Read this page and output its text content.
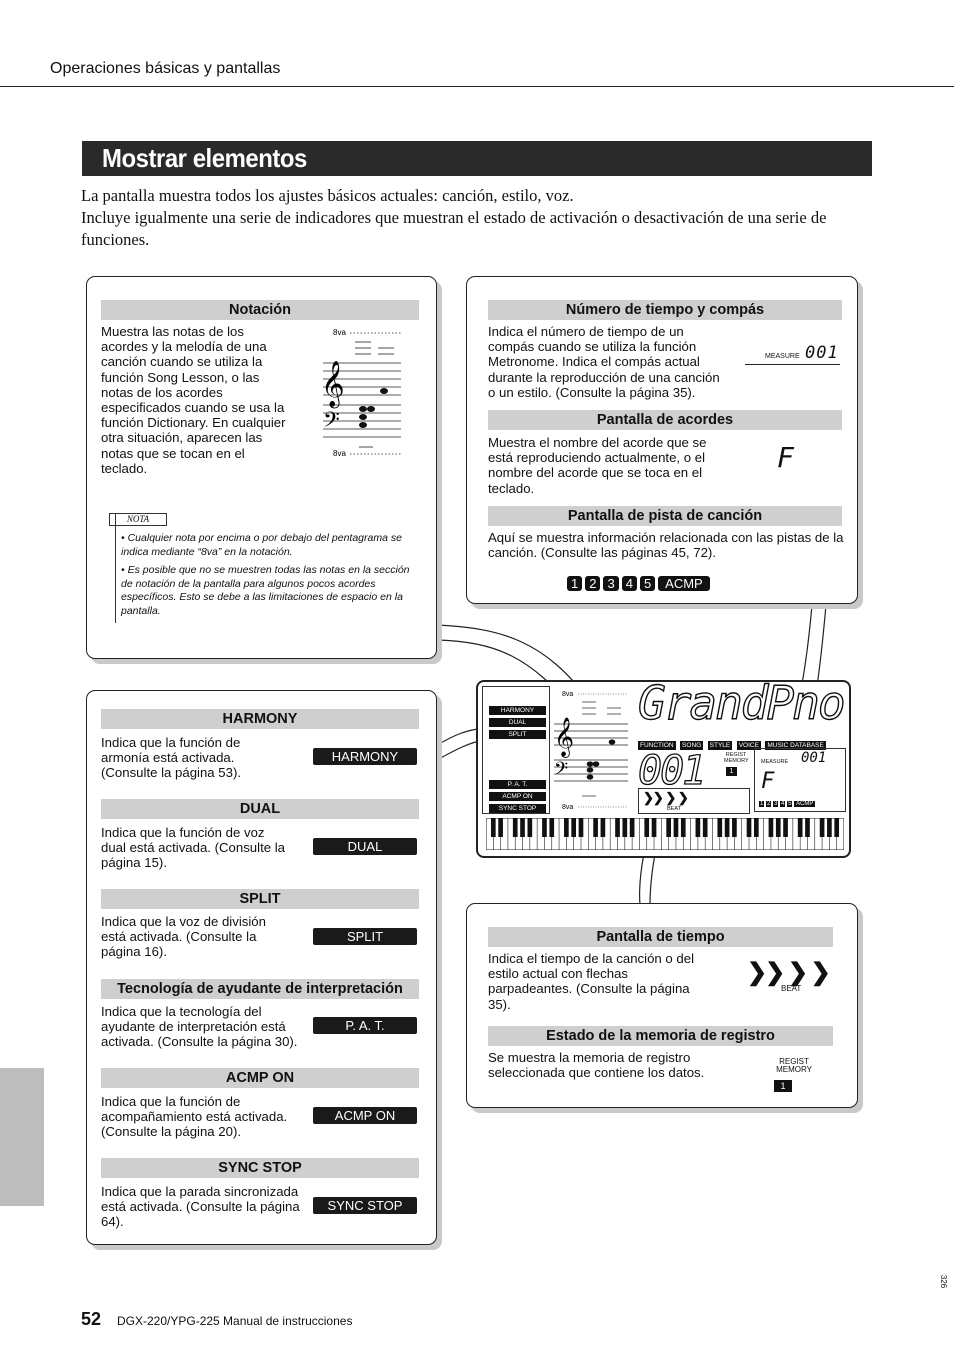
Operaciones básicas y pantallas
Mostrar elementos
La pantalla muestra todos los ajustes básicos actuales: canción, estilo, voz.
Incluye igualmente una serie de indicadores que muestran el estado de activación o desactivación de una serie de funciones.
Notación
Muestra las notas de los acordes y la melodía de una canción cuando se utiliza la función Song Lesson, o las notas de los acordes especificados cuando se usa la función Dictionary. En cualquier otra situación, aparecen las notas que se tocan en el teclado.
8va
𝄞
𝄢
8va
NOTA
• Cualquier nota por encima o por debajo del pentagrama se indica mediante “8va” en la notación.
• Es posible que no se muestren todas las notas en la sección de notación de la pantalla para algunos pocos acordes específicos. Esto se debe a las limitaciones de espacio en la pantalla.
Número de tiempo y compás
Indica el número de tiempo de un compás cuando se utiliza la función Metronome. Indica el compás actual durante la reproducción de una canción o un estilo. (Consulte la página 35).
MEASURE 001
Pantalla de acordes
Muestra el nombre del acorde que se está reproduciendo actualmente, o el nombre del acorde que se toca en el teclado.
F
Pantalla de pista de canción
Aquí se muestra información relacionada con las pistas de la canción. (Consulte las páginas 45, 72).
1 2 3 4 5 ACMP
HARMONY
DUAL
SPLIT
P. A. T.
ACMP ON
SYNC STOP
8va
𝄞
𝄢
8va
GrandPno
FUNCTION SONG STYLE VOICE MUSIC DATABASE
001	REGIST MEMORY
1
MEASURE 001
F
1 2 3 4 5 ACMP
❯❯ ❯ ❯
BEAT
HARMONY
Indica que la función de armonía está activada. (Consulte la página 53).
HARMONY
DUAL
Indica que la función de voz dual está activada. (Consulte la página 15).
DUAL
SPLIT
Indica que la voz de división está activada. (Consulte la página 16).
SPLIT
Tecnología de ayudante de interpretación
Indica que la tecnología del ayudante de interpretación está activada. (Consulte la página 30).
P. A. T.
ACMP ON
Indica que la función de acompañamiento está activada. (Consulte la página 20).
ACMP ON
SYNC STOP
Indica que la parada sincronizada está activada. (Consulte la página 64).
SYNC STOP
Pantalla de tiempo
Indica el tiempo de la canción o del estilo actual con flechas parpadeantes. (Consulte la página 35).
❯❯ ❯ ❯
BEAT
Estado de la memoria de registro
Se muestra la memoria de registro seleccionada que contiene los datos.
REGIST MEMORY
1
52 DGX-220/YPG-225 Manual de instrucciones
326
